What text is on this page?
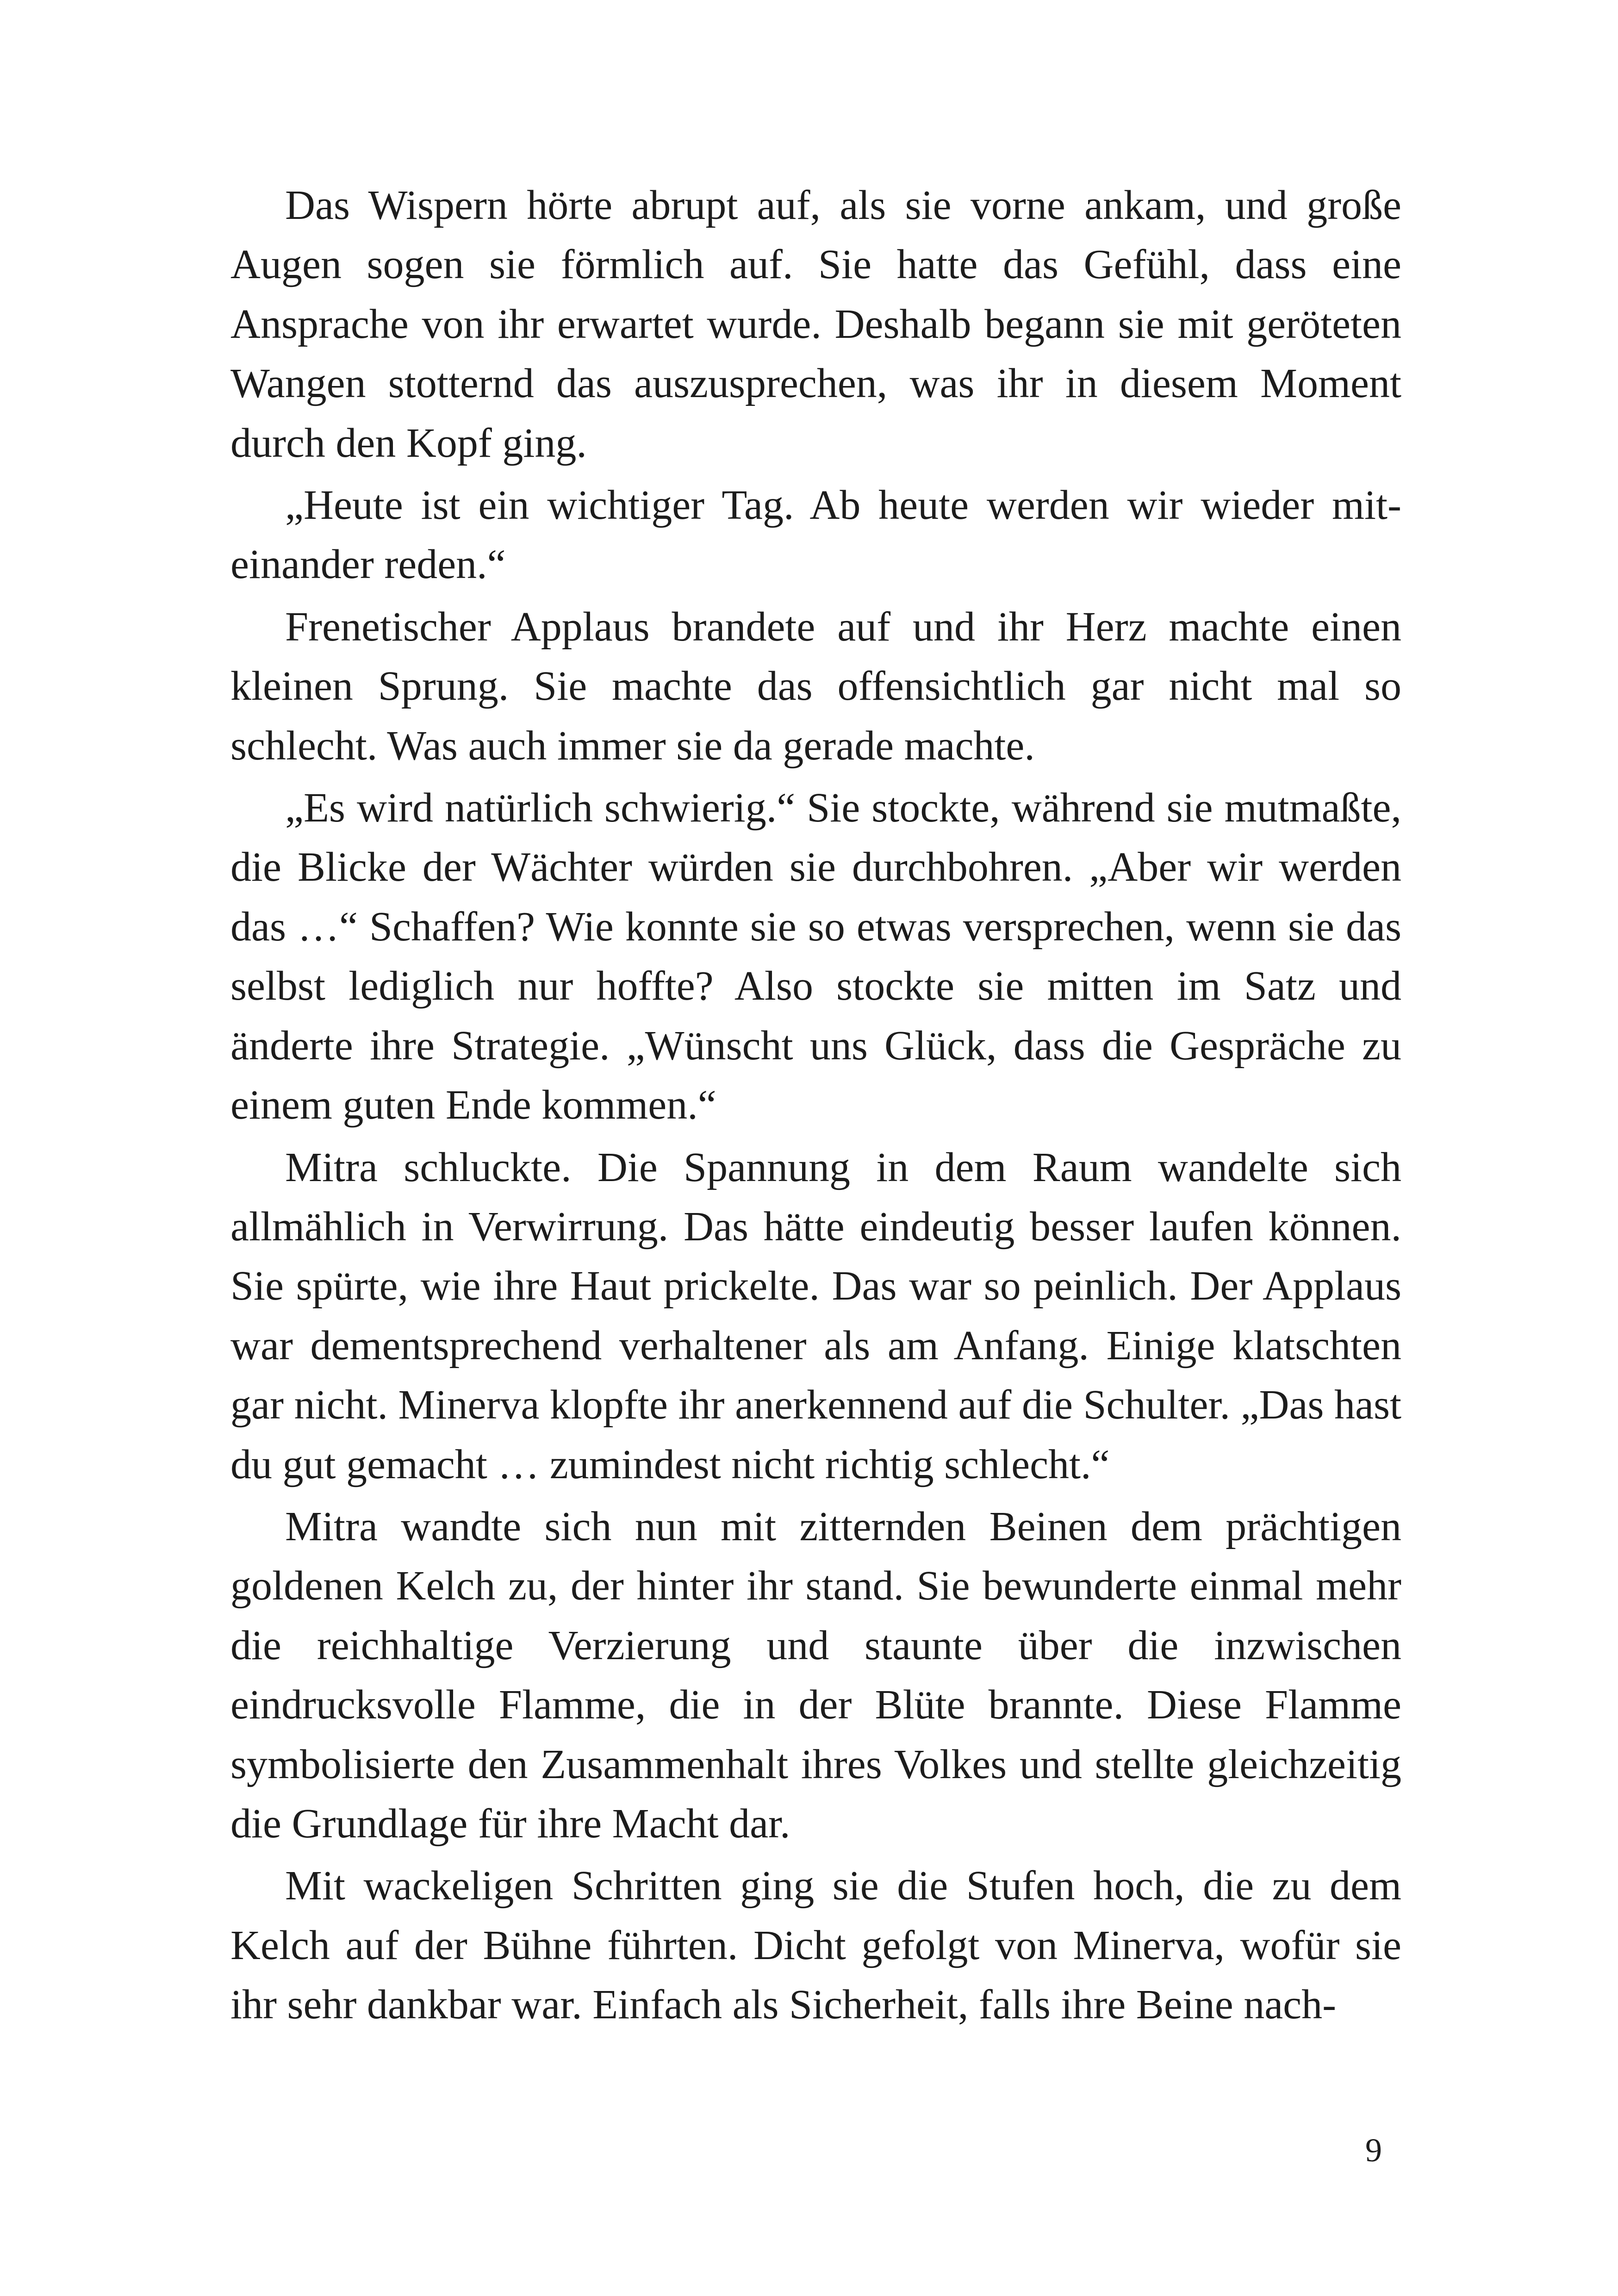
Das Wispern hörte abrupt auf, als sie vorne ankam, und große Augen sogen sie förmlich auf. Sie hatte das Gefühl, dass eine Ansprache von ihr erwartet wurde. Deshalb begann sie mit geröteten Wangen stotternd das auszusprechen, was ihr in diesem Moment durch den Kopf ging.

„Heute ist ein wichtiger Tag. Ab heute werden wir wieder miteinander reden.“

Frenetischer Applaus brandete auf und ihr Herz machte einen kleinen Sprung. Sie machte das offensichtlich gar nicht mal so schlecht. Was auch immer sie da gerade machte.

„Es wird natürlich schwierig.“ Sie stockte, während sie mutmaßte, die Blicke der Wächter würden sie durchbohren. „Aber wir werden das …“ Schaffen? Wie konnte sie so etwas versprechen, wenn sie das selbst lediglich nur hoffte? Also stockte sie mitten im Satz und änderte ihre Strategie. „Wünscht uns Glück, dass die Gespräche zu einem guten Ende kommen.“

Mitra schluckte. Die Spannung in dem Raum wandelte sich allmählich in Verwirrung. Das hätte eindeutig besser laufen können. Sie spürte, wie ihre Haut prickelte. Das war so peinlich. Der Applaus war dementsprechend verhaltener als am Anfang. Einige klatschten gar nicht. Minerva klopfte ihr anerkennend auf die Schulter. „Das hast du gut gemacht … zumindest nicht richtig schlecht.“

Mitra wandte sich nun mit zitternden Beinen dem prächtigen goldenen Kelch zu, der hinter ihr stand. Sie bewunderte einmal mehr die reichhaltige Verzierung und staunte über die inzwischen eindrucksvolle Flamme, die in der Blüte brannte. Diese Flamme symbolisierte den Zusammenhalt ihres Volkes und stellte gleichzeitig die Grundlage für ihre Macht dar.

Mit wackeligen Schritten ging sie die Stufen hoch, die zu dem Kelch auf der Bühne führten. Dicht gefolgt von Minerva, wofür sie ihr sehr dankbar war. Einfach als Sicherheit, falls ihre Beine nach-

9
